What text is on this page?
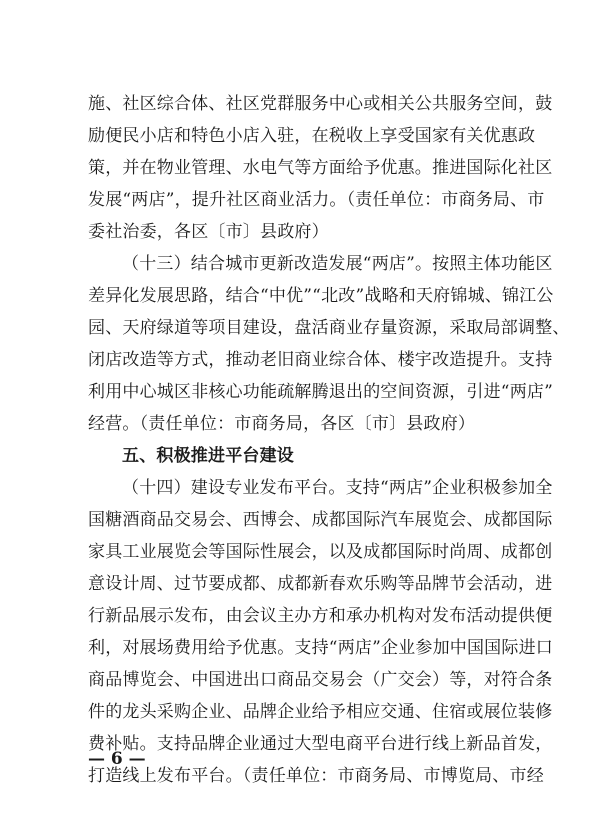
施、社区综合体、社区党群服务中心或相关公共服务空间，鼓
励便民小店和特色小店入驻，在税收上享受国家有关优惠政
策，并在物业管理、水电气等方面给予优惠。推进国际化社区
发展“两店”，提升社区商业活力。（责任单位：市商务局、市
委社治委，各区〔市〕县政府）
（十三）结合城市更新改造发展“两店”。按照主体功能区
差异化发展思路，结合“中优”“北改”战略和天府锦城、锦江公
园、天府绿道等项目建设，盘活商业存量资源，采取局部调整、
闭店改造等方式，推动老旧商业综合体、楼宇改造提升。支持
利用中心城区非核心功能疏解腾退出的空间资源，引进“两店”
经营。（责任单位：市商务局，各区〔市〕县政府）
五、积极推进平台建设
（十四）建设专业发布平台。支持“两店”企业积极参加全
国糖酒商品交易会、西博会、成都国际汽车展览会、成都国际
家具工业展览会等国际性展会，以及成都国际时尚周、成都创
意设计周、过节要成都、成都新春欢乐购等品牌节会活动，进
行新品展示发布，由会议主办方和承办机构对发布活动提供便
利，对展场费用给予优惠。支持“两店”企业参加中国国际进口
商品博览会、中国进出口商品交易会（广交会）等，对符合条
件的龙头采购企业、品牌企业给予相应交通、住宿或展位装修
费补贴。支持品牌企业通过大型电商平台进行线上新品首发，
打造线上发布平台。（责任单位：市商务局、市博览局、市经
— 6 —
